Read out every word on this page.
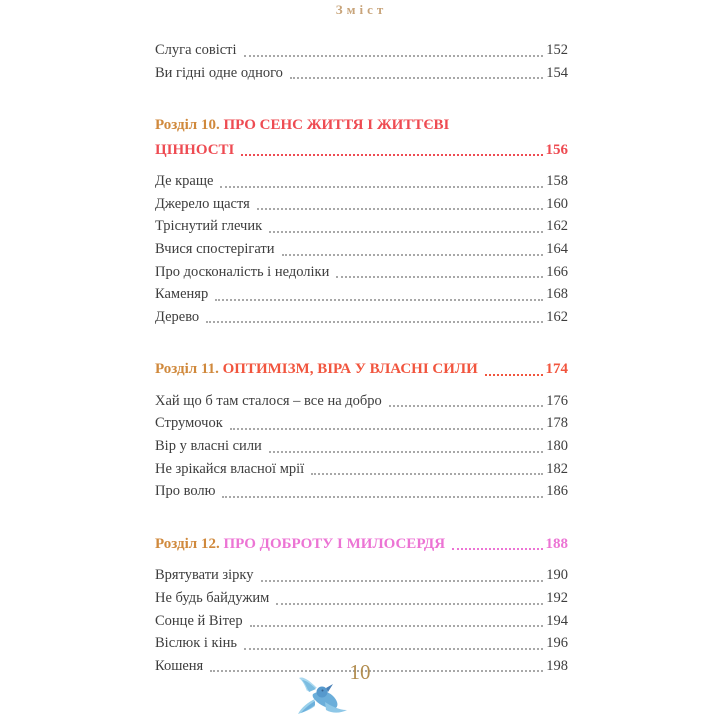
Зміст
Слуга совісті	152
Ви гідні одне одного	154
Розділ 10. ПРО СЕНС ЖИТТЯ І ЖИТТЄВІ
ЦІННОСТІ	156
Де краще	158
Джерело щастя	160
Тріснутий глечик	162
Вчися спостерігати	164
Про досконалість і недоліки	166
Каменяр	168
Дерево	162
Розділ 11. ОПТИМІЗМ, ВІРА У ВЛАСНІ СИЛИ	174
Хай що б там сталося – все на добро	176
Струмочок	178
Вір у власні сили	180
Не зрікайся власної мрії	182
Про волю	186
Розділ 12. ПРО ДОБРОТУ І МИЛОСЕРДЯ	188
Врятувати зірку	190
Не будь байдужим	192
Сонце й Вітер	194
Віслюк і кінь	196
Кошеня	198
10
